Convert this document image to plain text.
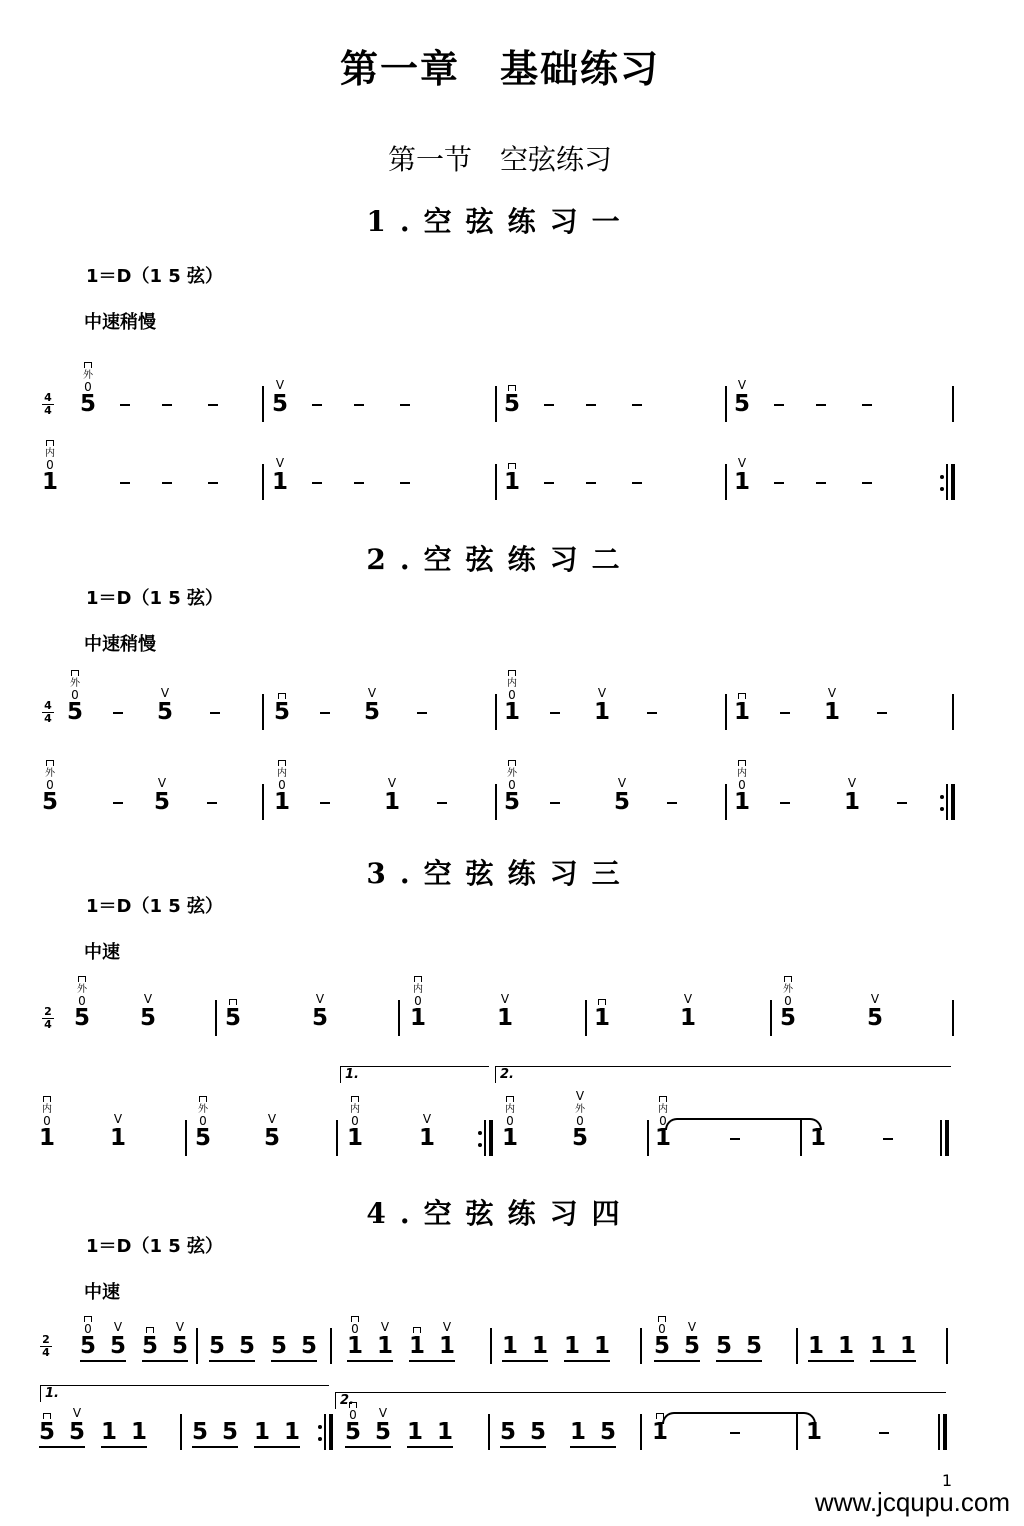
第一章　基础练习
第一节　空弦练习
1.空弦练习一
1＝D（1 5 弦）
中速稍慢
2.空弦练习二
1＝D（1 5 弦）
中速稍慢
3.空弦练习三
1＝D（1 5 弦）
中速
4.空弦练习四
1＝D（1 5 弦）
中速
4
4 5
0
外
5
V
5	5
V
1
0
内
1
V
1	1
V
4
4 5
0
外
5
V
5	5
V
1
0
内
1
V
1	1
V
5
0
外
5
V
1
0
内
1
V
5
0
外
5
V
1
0
内
1
V
2
4 5
0
外
5
V
5	5
V
1
0
内
1
V
1	1
V
5
0
外
5
V
1
0
内
1
V
5
0
外
5
V
1.
1
0
内
1
V
2.
1
0
内
5
0
外
V
1
0
内
1
2
4 5
0
5
V
5 5
V
5 5 5 5 1
0
1
V
1 1
V
1 1 1 1 5
0
5
V
5 5 1 1 1 1
1.
5 5
V
1 1 5 5 1 1
2.
5
0
5
V
1 1 5 5 1 5 1	1
1
www.jcqupu.com
